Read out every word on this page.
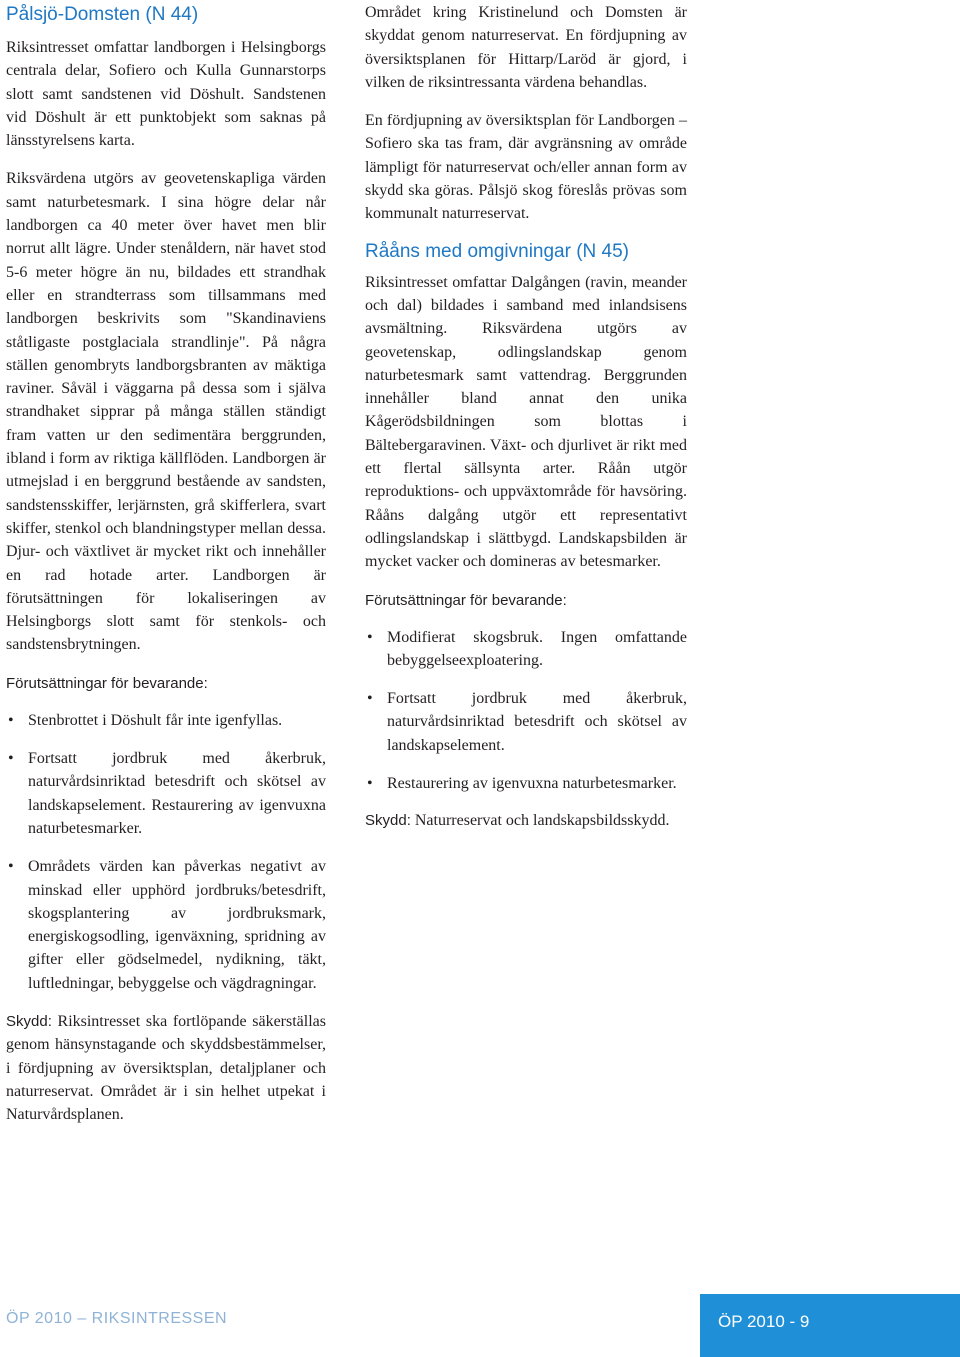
Pålsjö-Domsten (N 44)

Riksintresset omfattar landborgen i Helsingborgs centrala delar, Sofiero och Kulla Gunnarstorps slott samt sandstenen vid Döshult. Sandstenen vid Döshult är ett punktobjekt som saknas på länsstyrelsens karta.

Riksvärdena utgörs av geovetenskapliga värden samt naturbetesmark. I sina högre delar når landborgen ca 40 meter över havet men blir norrut allt lägre. Under stenåldern, när havet stod 5-6 meter högre än nu, bildades ett strandhak eller en strandterrass som tillsammans med landborgen beskrivits som "Skandinaviens ståtligaste postglaciala strandlinje". På några ställen genombryts landborgsbranten av mäktiga raviner. Såväl i väggarna på dessa som i själva strandhaket sipprar på många ställen ständigt fram vatten ur den sedimentära berggrunden, ibland i form av riktiga källflöden. Landborgen är utmejslad i en berggrund bestående av sandsten, sandstensskiffer, lerjärnsten, grå skifferlera, svart skiffer, stenkol och blandningstyper mellan dessa. Djur- och växtlivet är mycket rikt och innehåller en rad hotade arter. Landborgen är förutsättningen för lokaliseringen av Helsingborgs slott samt för stenkols- och sandstensbrytningen.

Förutsättningar för bevarande:
• Stenbrottet i Döshult får inte igenfyllas.
• Fortsatt jordbruk med åkerbruk, naturvårdsinriktad betesdrift och skötsel av landskapselement. Restaurering av igenvuxna naturbetesmarker.
• Områdets värden kan påverkas negativt av minskad eller upphörd jordbruks/betesdrift, skogsplantering av jordbruksmark, energiskogsodling, igenväxning, spridning av gifter eller gödselmedel, nydikning, täkt, luftledningar, bebyggelse och vägdragningar.

Skydd: Riksintresset ska fortlöpande säkerställas genom hänsynstagande och skyddsbestämmelser, i fördjupning av översiktsplan, detaljplaner och naturreservat. Området är i sin helhet utpekat i Naturvårdsplanen.

Området kring Kristinelund och Domsten är skyddat genom naturreservat. En fördjupning av översiktsplanen för Hittarp/Laröd är gjord, i vilken de riksintressanta värdena behandlas.

En fördjupning av översiktsplan för Landborgen – Sofiero ska tas fram, där avgränsning av område lämpligt för naturreservat och/eller annan form av skydd ska göras. Pålsjö skog föreslås prövas som kommunalt naturreservat.

Rååns med omgivningar (N 45)

Riksintresset omfattar Dalgången (ravin, meander och dal) bildades i samband med inlandsisens avsmältning. Riksvärdena utgörs av geovetenskap, odlingslandskap genom naturbetesmark samt vattendrag. Berggrunden innehåller bland annat den unika Kågerödsbildningen som blottas i Bältebergaravinen. Växt- och djurlivet är rikt med ett flertal sällsynta arter. Råån utgör reproduktions- och uppväxtområde för havsöring. Rååns dalgång utgör ett representativt odlingslandskap i slättbygd. Landskapsbilden är mycket vacker och domineras av betesmarker.

Förutsättningar för bevarande:
• Modifierat skogsbruk. Ingen omfattande bebyggelseexploatering.
• Fortsatt jordbruk med åkerbruk, naturvårdsinriktad betesdrift och skötsel av landskapselement.
• Restaurering av igenvuxna naturbetesmarker.

Skydd: Naturreservat och landskapsbildsskydd.

ÖP 2010 – RIKSINTRESSEN	ÖP 2010 - 9
